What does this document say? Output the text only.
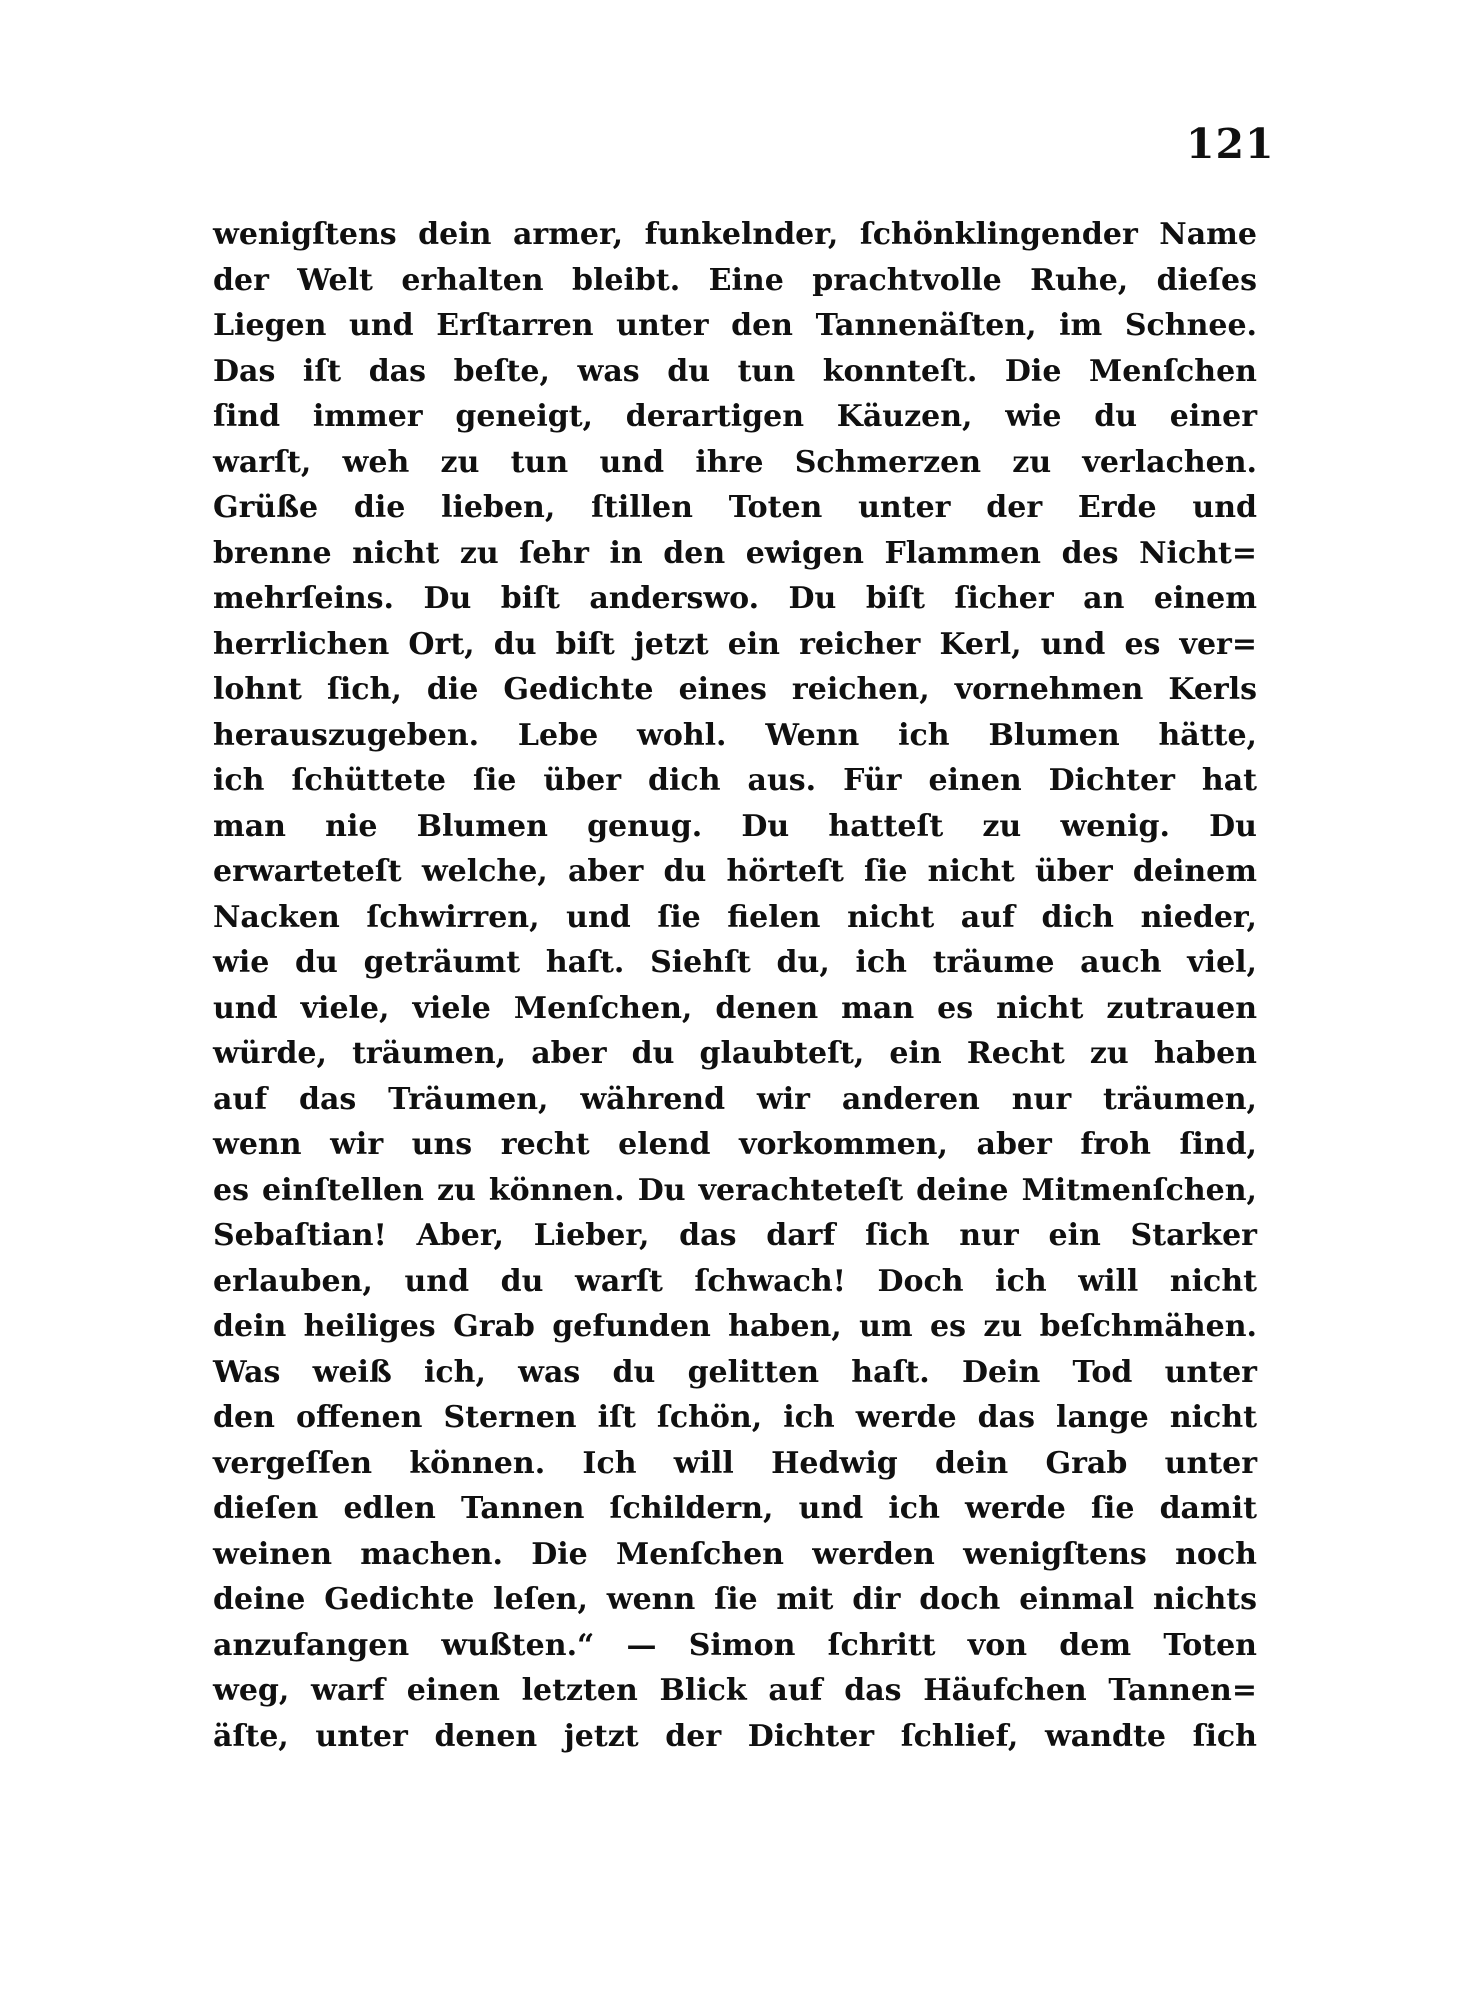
121
wenigſtens dein armer, funkelnder, ſchönklingender Name
der Welt erhalten bleibt. Eine prachtvolle Ruhe, dieſes
Liegen und Erſtarren unter den Tannenäſten, im Schnee.
Das iſt das beſte, was du tun konnteſt. Die Menſchen
ſind immer geneigt, derartigen Käuzen, wie du einer
warſt, weh zu tun und ihre Schmerzen zu verlachen.
Grüße die lieben, ſtillen Toten unter der Erde und
brenne nicht zu ſehr in den ewigen Flammen des Nicht=
mehrſeins. Du biſt anderswo. Du biſt ſicher an einem
herrlichen Ort, du biſt jetzt ein reicher Kerl, und es ver=
lohnt ſich, die Gedichte eines reichen, vornehmen Kerls
herauszugeben. Lebe wohl. Wenn ich Blumen hätte,
ich ſchüttete ſie über dich aus. Für einen Dichter hat
man nie Blumen genug. Du hatteſt zu wenig. Du
erwarteteſt welche, aber du hörteſt ſie nicht über deinem
Nacken ſchwirren, und ſie fielen nicht auf dich nieder,
wie du geträumt haſt. Siehſt du, ich träume auch viel,
und viele, viele Menſchen, denen man es nicht zutrauen
würde, träumen, aber du glaubteſt, ein Recht zu haben
auf das Träumen, während wir anderen nur träumen,
wenn wir uns recht elend vorkommen, aber froh ſind,
es einſtellen zu können. Du verachteteſt deine Mitmenſchen,
Sebaſtian! Aber, Lieber, das darf ſich nur ein Starker
erlauben, und du warſt ſchwach! Doch ich will nicht
dein heiliges Grab gefunden haben, um es zu beſchmähen.
Was weiß ich, was du gelitten haſt. Dein Tod unter
den offenen Sternen iſt ſchön, ich werde das lange nicht
vergeſſen können. Ich will Hedwig dein Grab unter
dieſen edlen Tannen ſchildern, und ich werde ſie damit
weinen machen. Die Menſchen werden wenigſtens noch
deine Gedichte leſen, wenn ſie mit dir doch einmal nichts
anzufangen wußten.“ — Simon ſchritt von dem Toten
weg, warf einen letzten Blick auf das Häufchen Tannen=
äſte, unter denen jetzt der Dichter ſchlief, wandte ſich
